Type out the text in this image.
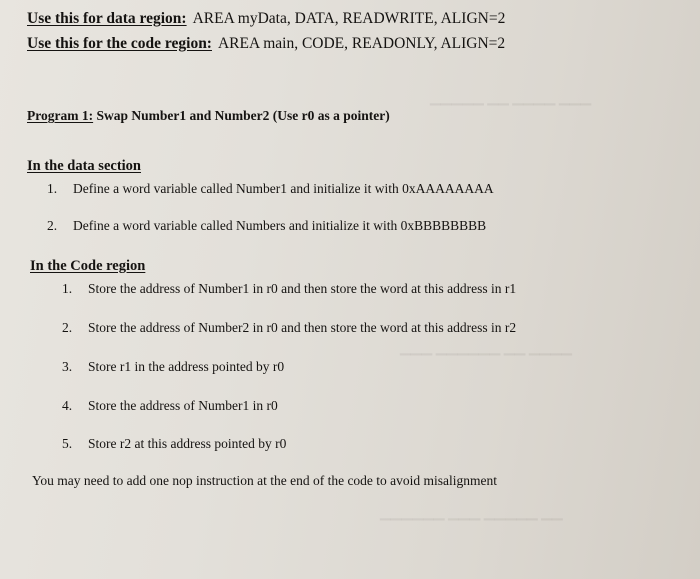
▁▁▁ ▁▁▁▁ ▁▁ ▁▁▁▁▁
▁▁▁▁ ▁▁ ▁▁▁▁▁▁ ▁▁▁
▁▁ ▁▁▁▁▁ ▁▁▁ ▁▁▁▁▁▁
Use this for data region: AREA myData, DATA, READWRITE, ALIGN=2
Use this for the code region: AREA main, CODE, READONLY, ALIGN=2
Program 1: Swap Number1 and Number2 (Use r0 as a pointer)
In the data section
1. Define a word variable called Number1 and initialize it with 0xAAAAAAAA
2. Define a word variable called Numbers and initialize it with 0xBBBBBBBB
In the Code region
1. Store the address of Number1 in r0 and then store the word at this address in r1
2. Store the address of Number2 in r0 and then store the word at this address in r2
3. Store r1 in the address pointed by r0
4. Store the address of Number1 in r0
5. Store r2 at this address pointed by r0
You may need to add one nop instruction at the end of the code to avoid misalignment
